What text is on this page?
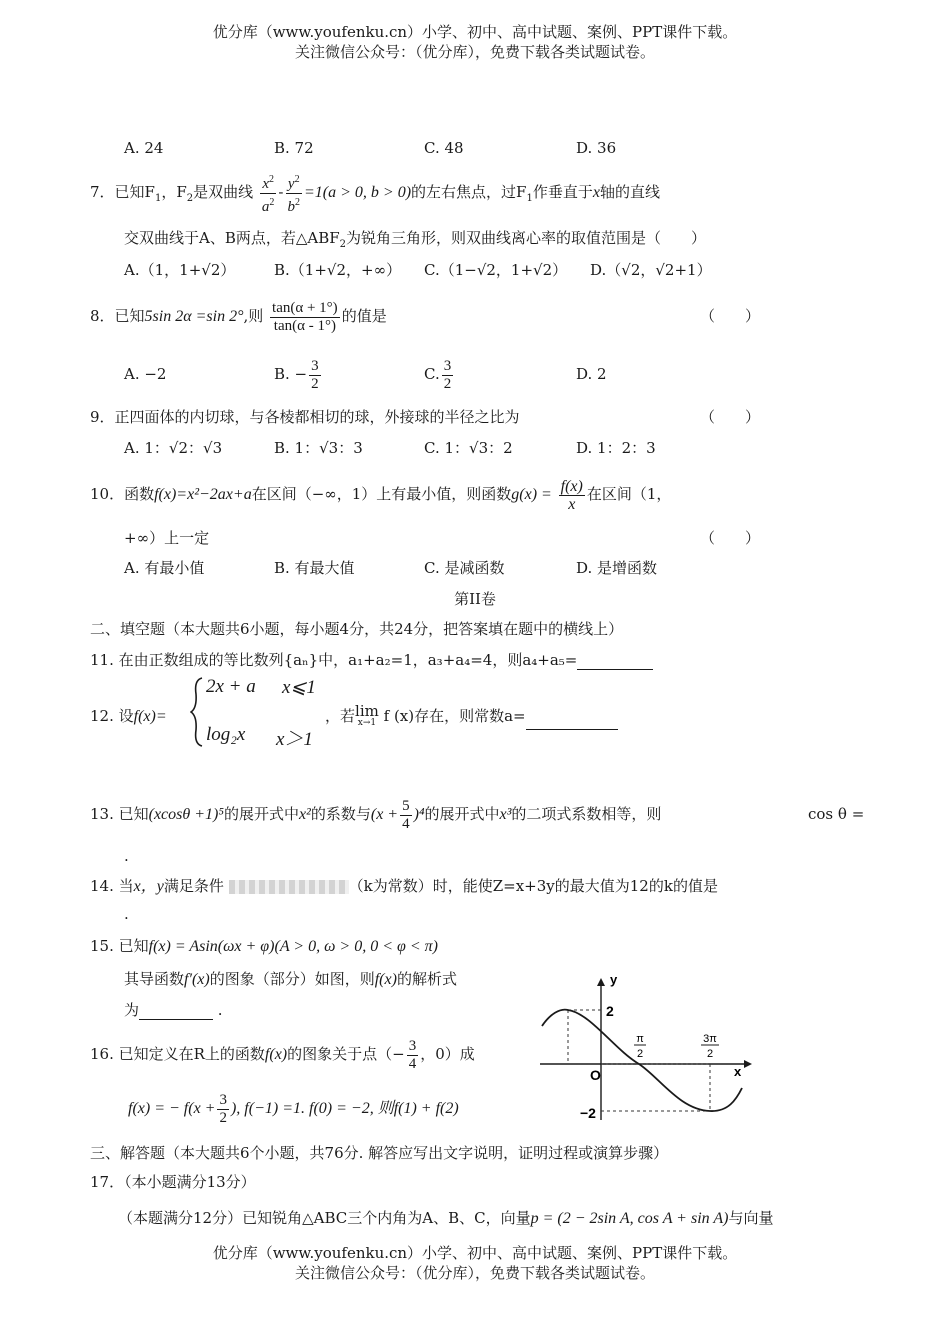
优分库（www.youfenku.cn）小学、初中、高中试题、案例、PPT课件下载。
关注微信公众号：（优分库），免费下载各类试题试卷。
A. 24	B. 72	C. 48	D. 36
7．已知$F_1$，$F_2$是双曲线 $\frac{x^2}{a^2} - \frac{y^2}{b^2} =1(a > 0$, b > 0)的左右焦点，过$F_1$作垂直于x轴的直线
交双曲线于A、B两点，若$\triangle ABF_2$为锐角三角形，则双曲线离心率的取值范围是（　　）
A.（1，1+√2）	B.（1+√2，+∞） C.（1−√2，1+√2） D.（√2，√2+1）
8．已知5sin 2α =sin 2°,则 $\frac{\tan(\alpha + 1^\circ)}{\tan(\alpha - 1^\circ)}$ 的值是	（　　）
A. −2	B. − $\frac{3}{2}$	C. $\frac{3}{2}$	D. 2
9．正四面体的内切球，与各棱都相切的球，外接球的半径之比为	（　　）
A. 1：√2：√3	B. 1：√3：3	C. 1：√3：2	D. 1：2：3
10．函数f(x)=x²−2ax+a在区间（−∞，1）上有最小值，则函数$g(x) = \frac{f(x)}{x}$ 在区间（1，
+∞）上一定	（　　）
A. 有最小值	B. 有最大值	C. 是减函数	D. 是增函数
第II卷
二、填空题（本大题共6小题，每小题4分，共24分，把答案填在题中的横线上）
11. 在由正数组成的等比数列{aₙ}中，a₁+a₂=1，a₃+a₄=4，则a₄+a₅=
12. 设f(x)=
2x + a x⩽1
log₂x x＞1
，若 lim
x→1 f (x)存在，则常数a=
13. 已知(xcosθ +1)⁵的展开式中x²的系数与$(x + \frac{5}{4} )^4$的展开式中x³的二项式系数相等，则	cos θ =
.
14. 当x，y满足条件	（k为常数）时，能使Z=x+3y的最大值为12的k的值是
.
15. 已知f(x) = Asin(ωx + φ)(A > 0, ω > 0, 0 < φ < π)
其导函数f′(x)的图象（部分）如图，则f(x)的解析式
为	.
y
x
O
2
−2
π
2
3π
2
16. 已知定义在R上的函数f(x)的图象关于点（− $\frac{3}{4}$ ，0）成
f(x) = − $f(x + \frac{3}{2}$ ), f(−1) =1. f(0) = −2, 则f(1) + f(2)
三、解答题（本大题共6个小题，共76分. 解答应写出文字说明，证明过程或演算步骤）
17．（本小题满分13分）
（本题满分12分）已知锐角△ABC三个内角为A、B、C，向量p = (2 − 2sin A, cos A + sin A)与向量
优分库（www.youfenku.cn）小学、初中、高中试题、案例、PPT课件下载。
关注微信公众号：（优分库），免费下载各类试题试卷。
